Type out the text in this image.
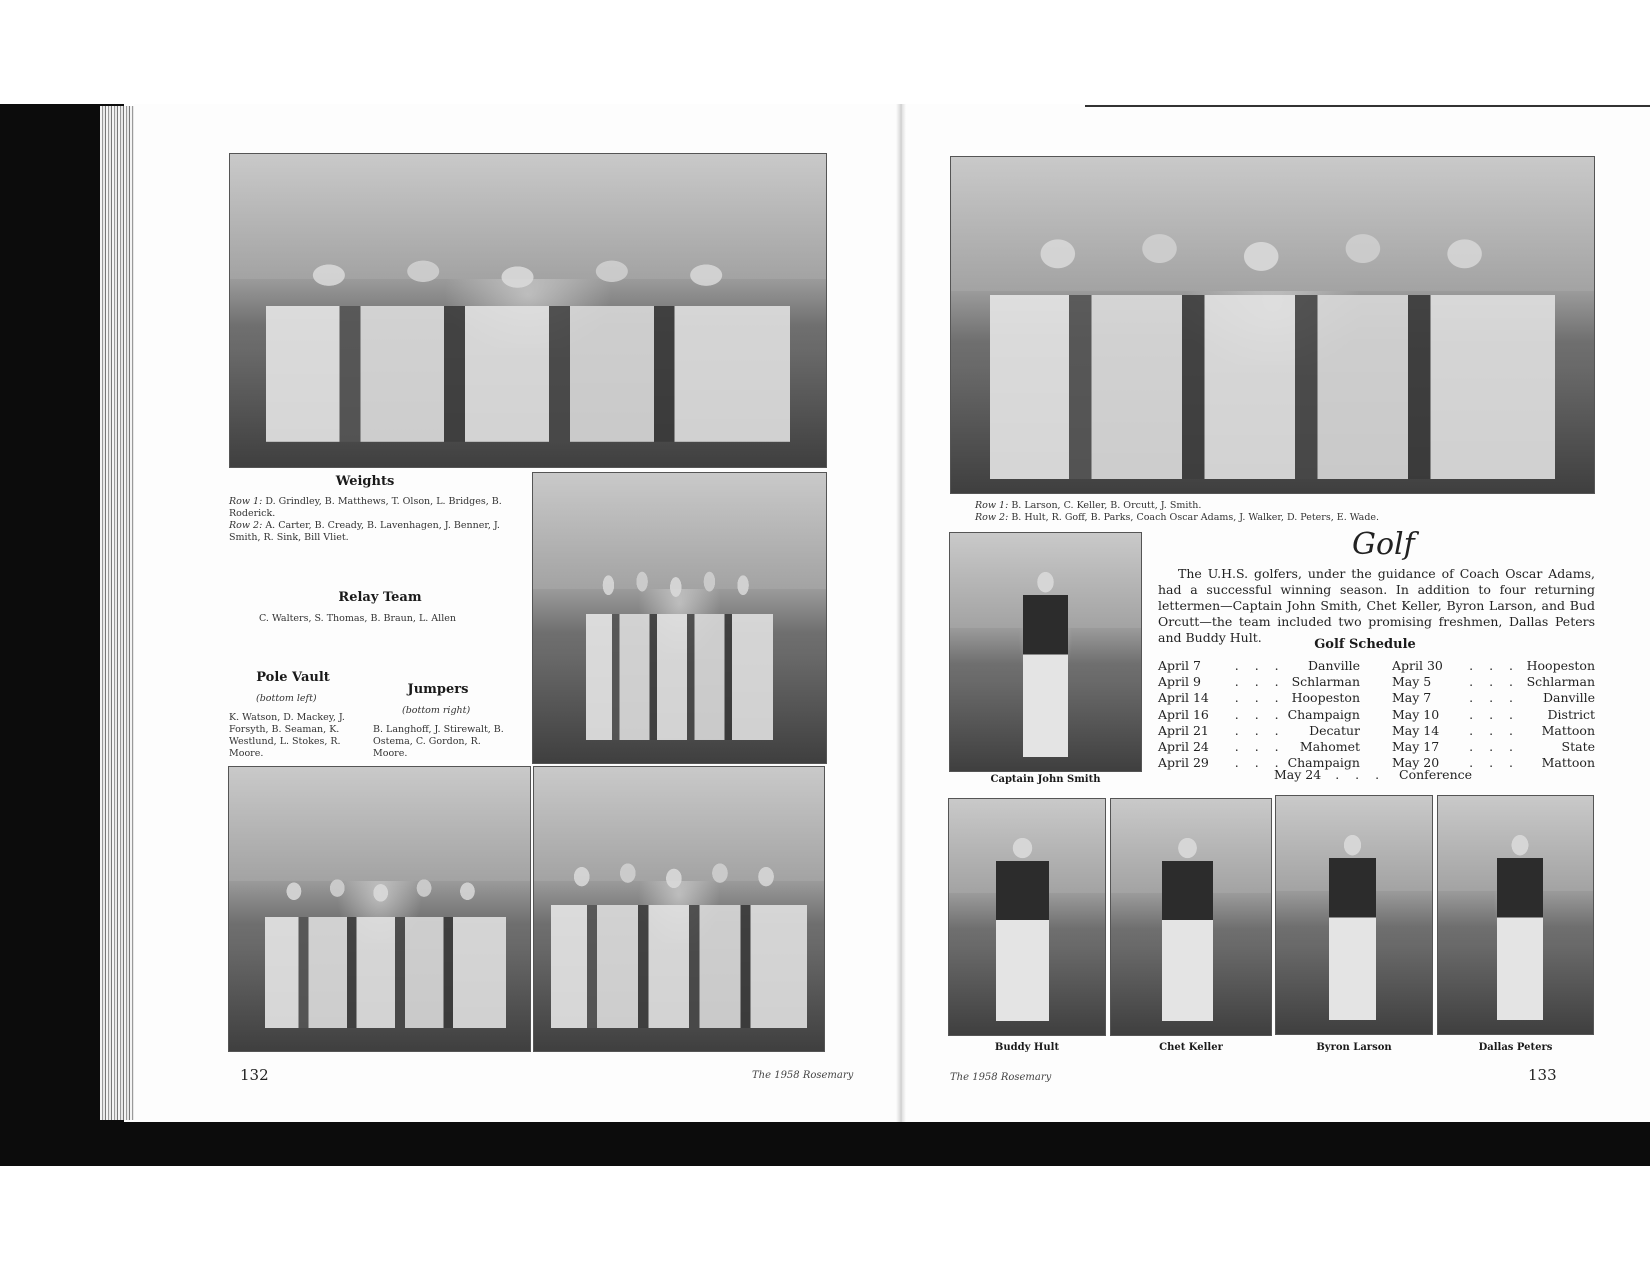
Weights
Row 1: D. Grindley, B. Matthews, T. Olson, L. Bridges, B. Roderick.
Row 2: A. Carter, B. Cready, B. Lavenhagen, J. Benner, J. Smith, R. Sink, Bill Vliet.
Relay Team
C. Walters, S. Thomas, B. Braun, L. Allen
Pole Vault
(bottom left)
K. Watson, D. Mackey, J. Forsyth, B. Seaman, K. Westlund, L. Stokes, R. Moore.
Jumpers
(bottom right)
B. Langhoff, J. Stirewalt, B. Ostema, C. Gordon, R. Moore.
132	The 1958 Rosemary
Row 1: B. Larson, C. Keller, B. Orcutt, J. Smith.
Row 2: B. Hult, R. Goff, B. Parks, Coach Oscar Adams, J. Walker, D. Peters, E. Wade.
Golf
The U.H.S. golfers, under the guidance of Coach Oscar Adams, had a successful winning season. In addition to four returning lettermen—Captain John Smith, Chet Keller, Byron Larson, and Bud Orcutt—the team included two promising freshmen, Dallas Peters and Buddy Hult.	Golf Schedule
April 7	. . . Danville
April 9	. . . Schlarman
April 14 . . . Hoopeston
April 16 . . . Champaign
April 21 . . . Decatur
April 24 . . . Mahomet
April 29 . . . Champaign
April 30 . . . Hoopeston
May 5	. . . Schlarman
May 7	. . . Danville
May 10 . . . District
May 14 . . . Mattoon
May 17 . . .	State
May 20 . . . Mattoon
May 24 . . . Conference
Captain John Smith
Buddy Hult	Chet Keller	Byron Larson	Dallas Peters
The 1958 Rosemary	133
